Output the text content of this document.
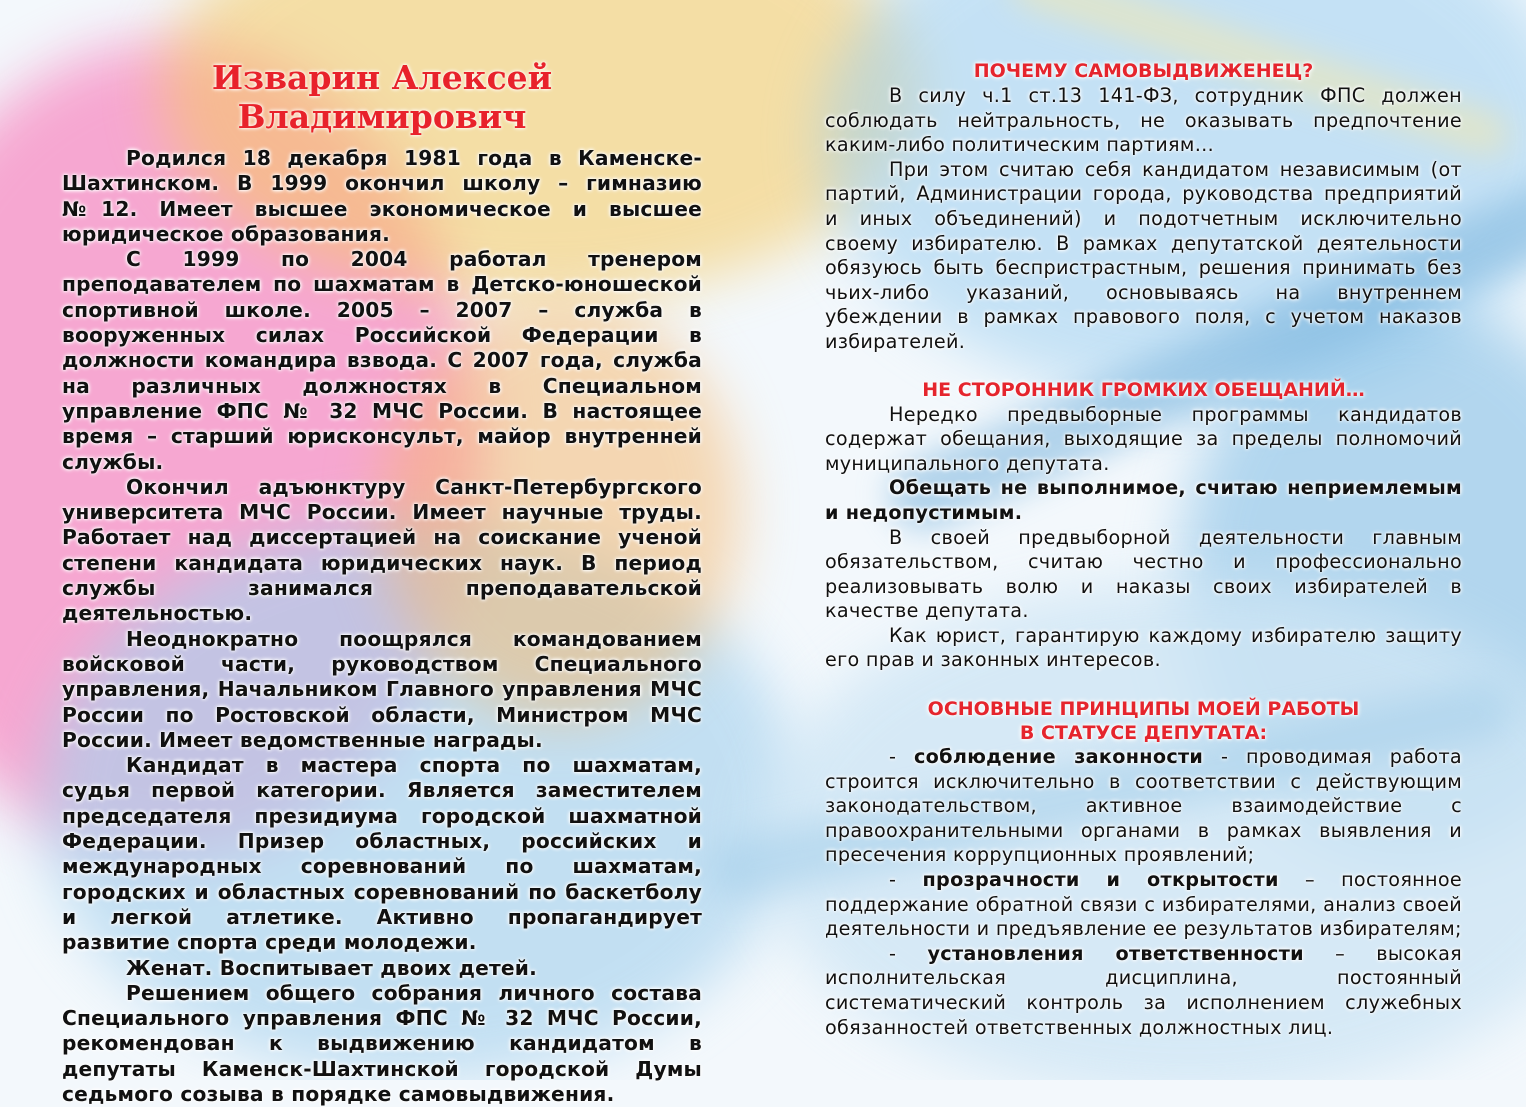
Изварин Алексей Владимирович

Родился 18 декабря 1981 года в Каменске-Шахтинском. В 1999 окончил школу – гимназию №12. Имеет высшее экономическое и высшее юридическое образования.

С 1999 по 2004 работал тренером преподавателем по шахматам в Детско-юношеской спортивной школе. 2005 – 2007 – служба в вооруженных силах Российской Федерации в должности командира взвода. С 2007 года, служба на различных должностях в Специальном управление ФПС № 32 МЧС России. В настоящее время – старший юрисконсульт, майор внутренней службы.

Окончил адъюнктуру Санкт-Петербургского университета МЧС России. Имеет научные труды. Работает над диссертацией на соискание ученой степени кандидата юридических наук. В период службы занимался преподавательской деятельностью.

Неоднократно поощрялся командованием войсковой части, руководством Специального управления, Начальником Главного управления МЧС России по Ростовской области, Министром МЧС России. Имеет ведомственные награды.

Кандидат в мастера спорта по шахматам, судья первой категории. Является заместителем председателя президиума городской шахматной Федерации. Призер областных, российских и международных соревнований по шахматам, городских и областных соревнований по баскетболу и легкой атлетике. Активно пропагандирует развитие спорта среди молодежи.

Женат. Воспитывает двоих детей.

Решением общего собрания личного состава Специального управления ФПС № 32 МЧС России, рекомендован к выдвижению кандидатом в депутаты Каменск-Шахтинской городской Думы седьмого созыва в порядке самовыдвижения.

ПОЧЕМУ САМОВЫДВИЖЕНЕЦ?

В силу ч.1 ст.13 141-ФЗ, сотрудник ФПС должен соблюдать нейтральность, не оказывать предпочтение каким-либо политическим партиям…

При этом считаю себя кандидатом независимым (от партий, Администрации города, руководства предприятий и иных объединений) и подотчетным исключительно своему избирателю. В рамках депутатской деятельности обязуюсь быть беспристрастным, решения принимать без чьих-либо указаний, основываясь на внутреннем убеждении в рамках правового поля, с учетом наказов избирателей.

НЕ СТОРОННИК ГРОМКИХ ОБЕЩАНИЙ…

Нередко предвыборные программы кандидатов содержат обещания, выходящие за пределы полномочий муниципального депутата.

Обещать не выполнимое, считаю неприемлемым и недопустимым.

В своей предвыборной деятельности главным обязательством, считаю честно и профессионально реализовывать волю и наказы своих избирателей в качестве депутата.

Как юрист, гарантирую каждому избирателю защиту его прав и законных интересов.

ОСНОВНЫЕ ПРИНЦИПЫ МОЕЙ РАБОТЫ
В СТАТУСЕ ДЕПУТАТА:

- соблюдение законности - проводимая работа строится исключительно в соответствии с действующим законодательством, активное взаимодействие с правоохранительными органами в рамках выявления и пресечения коррупционных проявлений;

- прозрачности и открытости – постоянное поддержание обратной связи с избирателями, анализ своей деятельности и предъявление ее результатов избирателям;

- установления ответственности – высокая исполнительская дисциплина, постоянный систематический контроль за исполнением служебных обязанностей ответственных должностных лиц.
